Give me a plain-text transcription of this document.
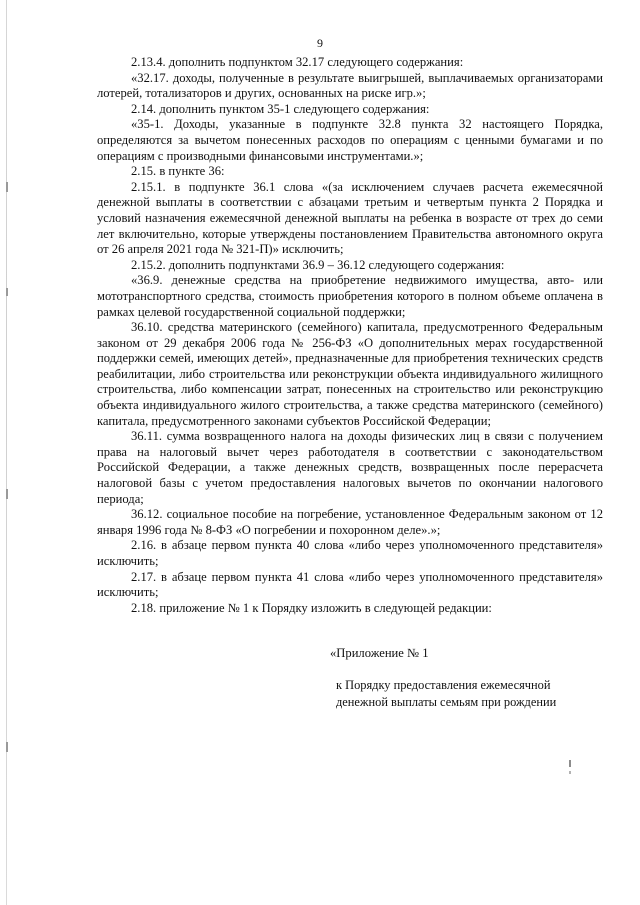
9

2.13.4. дополнить подпунктом 32.17 следующего содержания:

«32.17. доходы, полученные в результате выигрышей, выплачиваемых организаторами лотерей, тотализаторов и других, основанных на риске игр.»;

2.14. дополнить пунктом 35-1 следующего содержания:

«35-1. Доходы, указанные в подпункте 32.8 пункта 32 настоящего Порядка, определяются за вычетом понесенных расходов по операциям с ценными бумагами и по операциям с производными финансовыми инструментами.»;

2.15. в пункте 36:

2.15.1. в подпункте 36.1 слова «(за исключением случаев расчета ежемесячной денежной выплаты в соответствии с абзацами третьим и четвертым пункта 2 Порядка и условий назначения ежемесячной денежной выплаты на ребенка в возрасте от трех до семи лет включительно, которые утверждены постановлением Правительства автономного округа от 26 апреля 2021 года № 321-П)» исключить;

2.15.2. дополнить подпунктами 36.9 – 36.12 следующего содержания:

«36.9. денежные средства на приобретение недвижимого имущества, авто- или мототранспортного средства, стоимость приобретения которого в полном объеме оплачена в рамках целевой государственной социальной поддержки;

36.10. средства материнского (семейного) капитала, предусмотренного Федеральным законом от 29 декабря 2006 года № 256-ФЗ «О дополнительных мерах государственной поддержки семей, имеющих детей», предназначенные для приобретения технических средств реабилитации, либо строительства или реконструкции объекта индивидуального жилищного строительства, либо компенсации затрат, понесенных на строительство или реконструкцию объекта индивидуального жилого строительства, а также средства материнского (семейного) капитала, предусмотренного законами субъектов Российской Федерации;

36.11. сумма возвращенного налога на доходы физических лиц в связи с получением права на налоговый вычет через работодателя в соответствии с законодательством Российской Федерации, а также денежных средств, возвращенных после перерасчета налоговой базы с учетом предоставления налоговых вычетов по окончании налогового периода;

36.12. социальное пособие на погребение, установленное Федеральным законом от 12 января 1996 года № 8-ФЗ «О погребении и похоронном деле».»;

2.16. в абзаце первом пункта 40 слова «либо через уполномоченного представителя» исключить;

2.17. в абзаце первом пункта 41 слова «либо через уполномоченного представителя» исключить;

2.18. приложение № 1 к Порядку изложить в следующей редакции:

«Приложение № 1
к Порядку предоставления ежемесячной денежной выплаты семьям при рождении
